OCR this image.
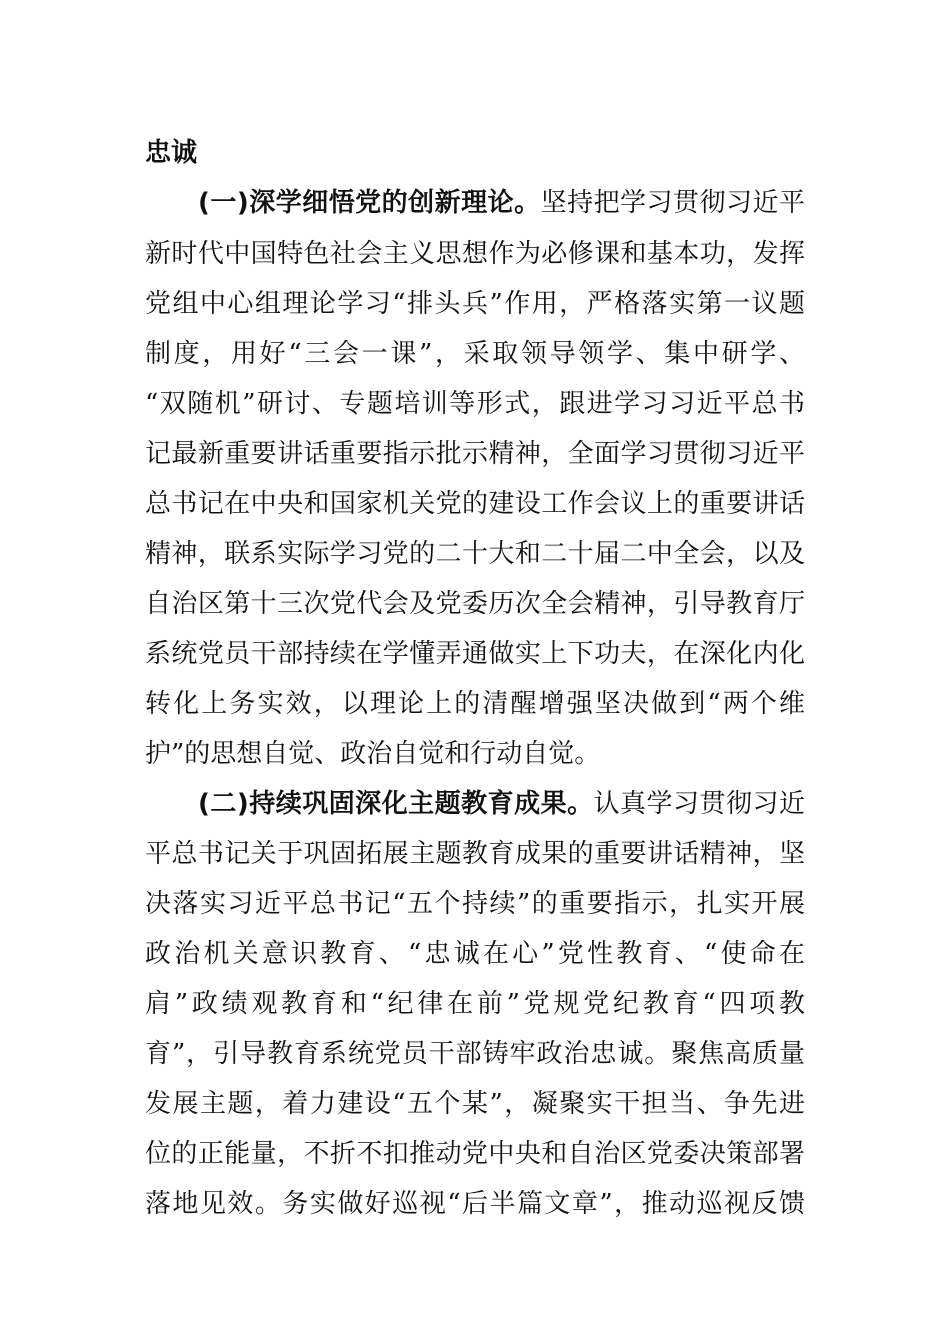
忠诚
(一)深学细悟党的创新理论。坚持把学习贯彻习近平
新时代中国特色社会主义思想作为必修课和基本功，发挥
党组中心组理论学习“排头兵”作用，严格落实第一议题
制度，用好“三会一课”，采取领导领学、集中研学、
“双随机”研讨、专题培训等形式，跟进学习习近平总书
记最新重要讲话重要指示批示精神，全面学习贯彻习近平
总书记在中央和国家机关党的建设工作会议上的重要讲话
精神，联系实际学习党的二十大和二十届二中全会，以及
自治区第十三次党代会及党委历次全会精神，引导教育厅
系统党员干部持续在学懂弄通做实上下功夫，在深化内化
转化上务实效，以理论上的清醒增强坚决做到“两个维
护”的思想自觉、政治自觉和行动自觉。
(二)持续巩固深化主题教育成果。认真学习贯彻习近
平总书记关于巩固拓展主题教育成果的重要讲话精神，坚
决落实习近平总书记“五个持续”的重要指示，扎实开展
政治机关意识教育、“忠诚在心”党性教育、“使命在
肩”政绩观教育和“纪律在前”党规党纪教育“四项教
育”，引导教育系统党员干部铸牢政治忠诚。聚焦高质量
发展主题，着力建设“五个某”，凝聚实干担当、争先进
位的正能量，不折不扣推动党中央和自治区党委决策部署
落地见效。务实做好巡视“后半篇文章”，推动巡视反馈
